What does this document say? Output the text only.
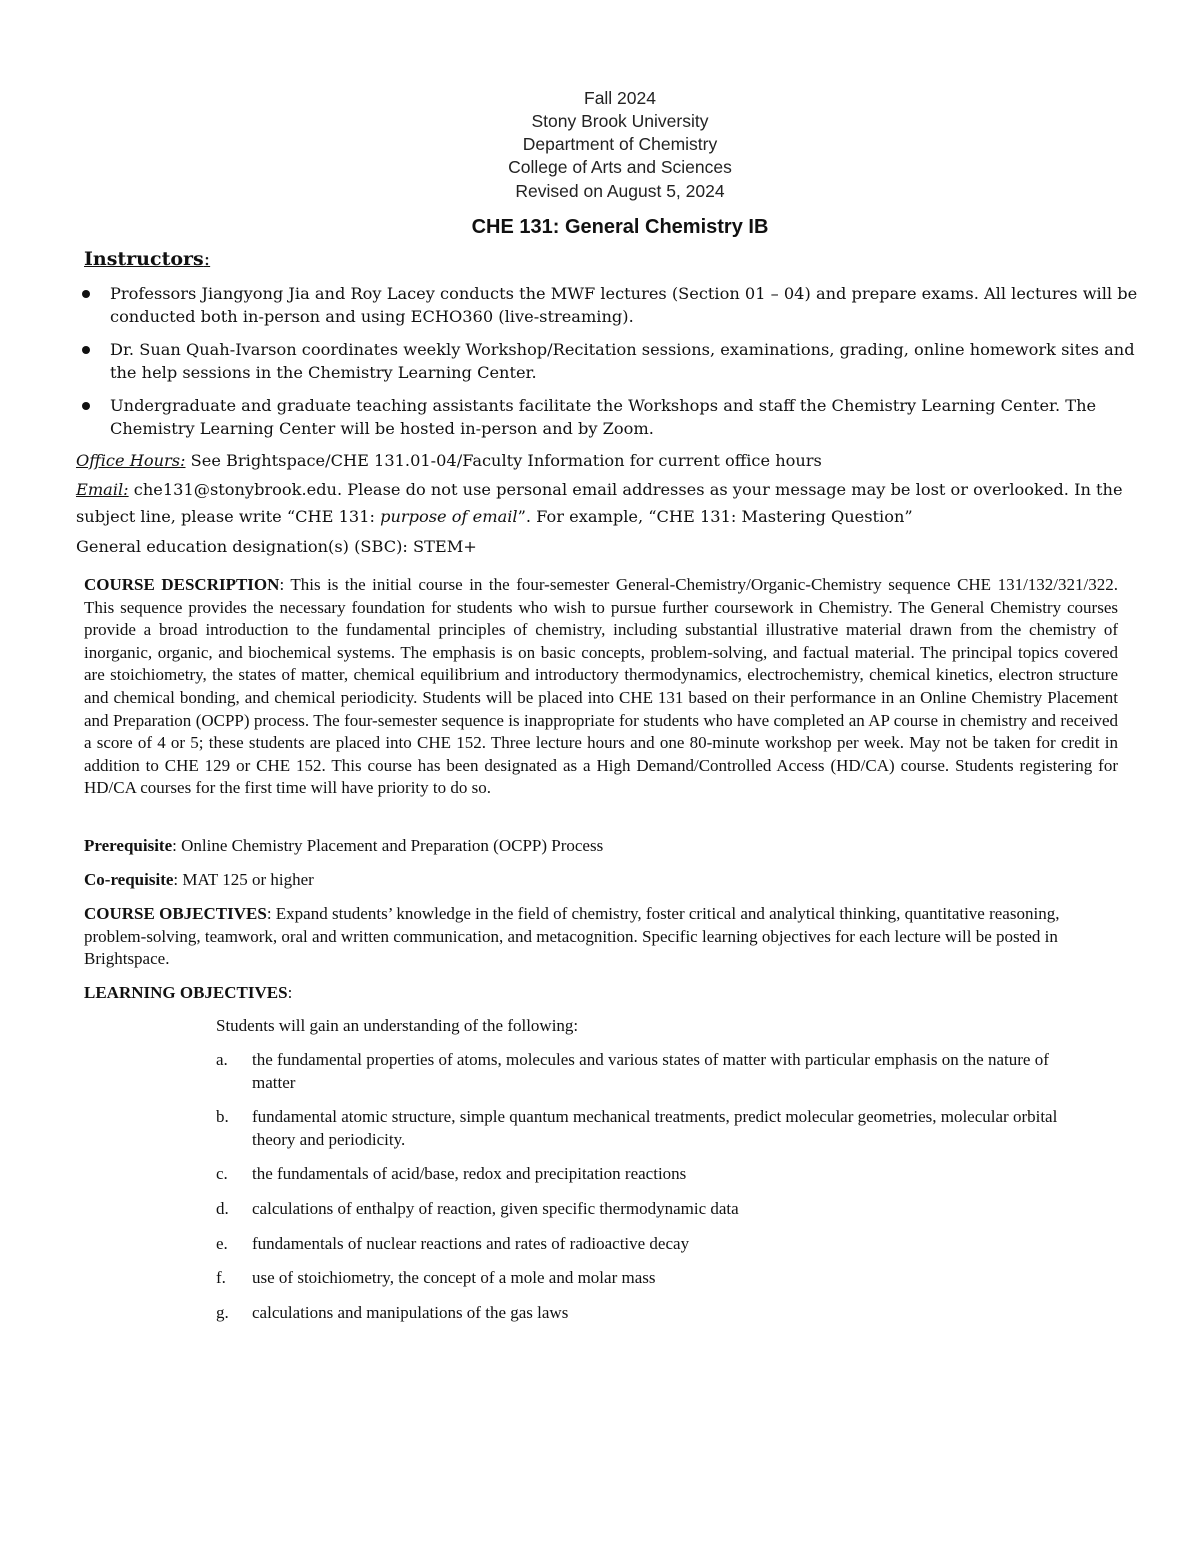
Fall 2024
Stony Brook University
Department of Chemistry
College of Arts and Sciences
Revised on August 5, 2024
CHE 131: General Chemistry IB
Instructors:
Professors Jiangyong Jia and Roy Lacey conducts the MWF lectures (Section 01 – 04) and prepare exams. All lectures will be conducted both in-person and using ECHO360 (live-streaming).
Dr. Suan Quah-Ivarson coordinates weekly Workshop/Recitation sessions, examinations, grading, online homework sites and the help sessions in the Chemistry Learning Center.
Undergraduate and graduate teaching assistants facilitate the Workshops and staff the Chemistry Learning Center. The Chemistry Learning Center will be hosted in-person and by Zoom.
Office Hours: See Brightspace/CHE 131.01-04/Faculty Information for current office hours
Email: che131@stonybrook.edu. Please do not use personal email addresses as your message may be lost or overlooked. In the subject line, please write “CHE 131: purpose of email”. For example, “CHE 131: Mastering Question”
General education designation(s) (SBC): STEM+
COURSE DESCRIPTION: This is the initial course in the four-semester General-Chemistry/Organic-Chemistry sequence CHE 131/132/321/322. This sequence provides the necessary foundation for students who wish to pursue further coursework in Chemistry. The General Chemistry courses provide a broad introduction to the fundamental principles of chemistry, including substantial illustrative material drawn from the chemistry of inorganic, organic, and biochemical systems. The emphasis is on basic concepts, problem-solving, and factual material. The principal topics covered are stoichiometry, the states of matter, chemical equilibrium and introductory thermodynamics, electrochemistry, chemical kinetics, electron structure and chemical bonding, and chemical periodicity. Students will be placed into CHE 131 based on their performance in an Online Chemistry Placement and Preparation (OCPP) process. The four-semester sequence is inappropriate for students who have completed an AP course in chemistry and received a score of 4 or 5; these students are placed into CHE 152. Three lecture hours and one 80-minute workshop per week. May not be taken for credit in addition to CHE 129 or CHE 152. This course has been designated as a High Demand/Controlled Access (HD/CA) course. Students registering for HD/CA courses for the first time will have priority to do so.
Prerequisite: Online Chemistry Placement and Preparation (OCPP) Process
Co-requisite: MAT 125 or higher
COURSE OBJECTIVES: Expand students’ knowledge in the field of chemistry, foster critical and analytical thinking, quantitative reasoning, problem-solving, teamwork, oral and written communication, and metacognition. Specific learning objectives for each lecture will be posted in Brightspace.
LEARNING OBJECTIVES:
Students will gain an understanding of the following:
a. the fundamental properties of atoms, molecules and various states of matter with particular emphasis on the nature of matter
b. fundamental atomic structure, simple quantum mechanical treatments, predict molecular geometries, molecular orbital theory and periodicity.
c. the fundamentals of acid/base, redox and precipitation reactions
d. calculations of enthalpy of reaction, given specific thermodynamic data
e. fundamentals of nuclear reactions and rates of radioactive decay
f. use of stoichiometry, the concept of a mole and molar mass
g. calculations and manipulations of the gas laws
